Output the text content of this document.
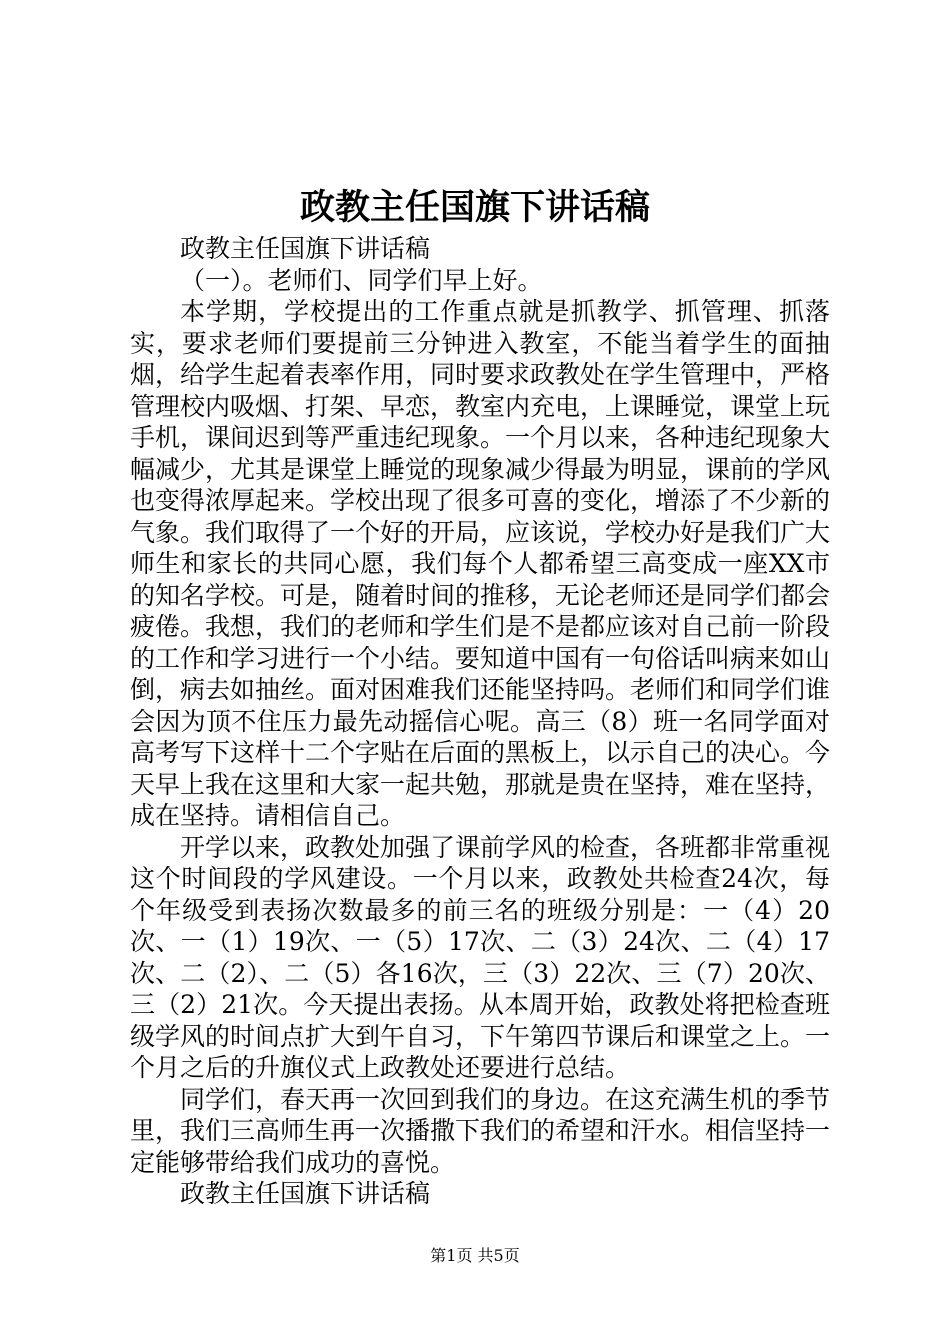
政教主任国旗下讲话稿

政教主任国旗下讲话稿

（一）。老师们、同学们早上好。

本学期，学校提出的工作重点就是抓教学、抓管理、抓落实，要求老师们要提前三分钟进入教室，不能当着学生的面抽烟，给学生起着表率作用，同时要求政教处在学生管理中，严格管理校内吸烟、打架、早恋，教室内充电，上课睡觉，课堂上玩手机，课间迟到等严重违纪现象。一个月以来，各种违纪现象大幅减少，尤其是课堂上睡觉的现象减少得最为明显，课前的学风也变得浓厚起来。学校出现了很多可喜的变化，增添了不少新的气象。我们取得了一个好的开局，应该说，学校办好是我们广大师生和家长的共同心愿，我们每个人都希望三高变成一座XX市的知名学校。可是，随着时间的推移，无论老师还是同学们都会疲倦。我想，我们的老师和学生们是不是都应该对自己前一阶段的工作和学习进行一个小结。要知道中国有一句俗话叫病来如山倒，病去如抽丝。面对困难我们还能坚持吗。老师们和同学们谁会因为顶不住压力最先动摇信心呢。高三（8）班一名同学面对高考写下这样十二个字贴在后面的黑板上，以示自己的决心。今天早上我在这里和大家一起共勉，那就是贵在坚持，难在坚持，成在坚持。请相信自己。

开学以来，政教处加强了课前学风的检查，各班都非常重视这个时间段的学风建设。一个月以来，政教处共检查24次，每个年级受到表扬次数最多的前三名的班级分别是：一（4）20次、一（1）19次、一（5）17次、二（3）24次、二（4）17次、二（2）、二（5）各16次，三（3）22次、三（7）20次、三（2）21次。今天提出表扬。从本周开始，政教处将把检查班级学风的时间点扩大到午自习，下午第四节课后和课堂之上。一个月之后的升旗仪式上政教处还要进行总结。

同学们，春天再一次回到我们的身边。在这充满生机的季节里，我们三高师生再一次播撒下我们的希望和汗水。相信坚持一定能够带给我们成功的喜悦。

政教主任国旗下讲话稿

第1页 共5页
